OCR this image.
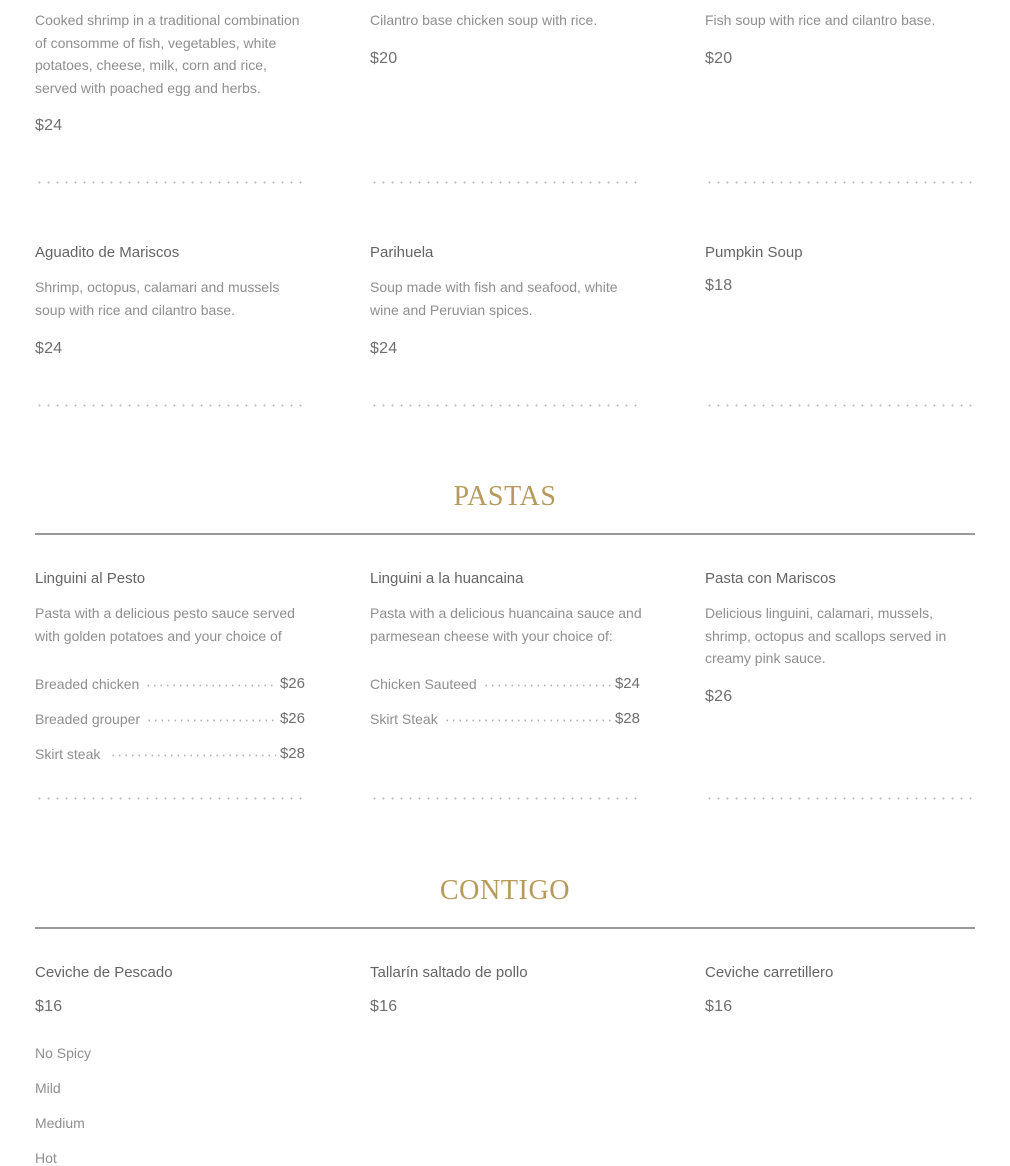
Cooked shrimp in a traditional combination of consomme of fish, vegetables, white potatoes, cheese, milk, corn and rice, served with poached egg and herbs.

$24

Cilantro base chicken soup with rice.

$20

Fish soup with rice and cilantro base.

$20
Aguadito de Mariscos

Shrimp, octopus, calamari and mussels soup with rice and cilantro base.

$24
Parihuela

Soup made with fish and seafood, white wine and Peruvian spices.

$24
Pumpkin Soup
$18
PASTAS
Linguini al Pesto

Pasta with a delicious pesto sauce served with golden potatoes and your choice of

Breaded chicken	$26
Breaded grouper	$26
Skirt steak	$28
Linguini a la huancaina

Pasta with a delicious huancaina sauce and parmesean cheese with your choice of:

Chicken Sauteed	$24
Skirt Steak	$28
Pasta con Mariscos

Delicious linguini, calamari, mussels, shrimp, octopus and scallops served in creamy pink sauce.

$26
CONTIGO
Ceviche de Pescado
$16
Tallarín saltado de pollo
$16
Ceviche carretillero
$16
No Spicy
Mild
Medium
Hot
